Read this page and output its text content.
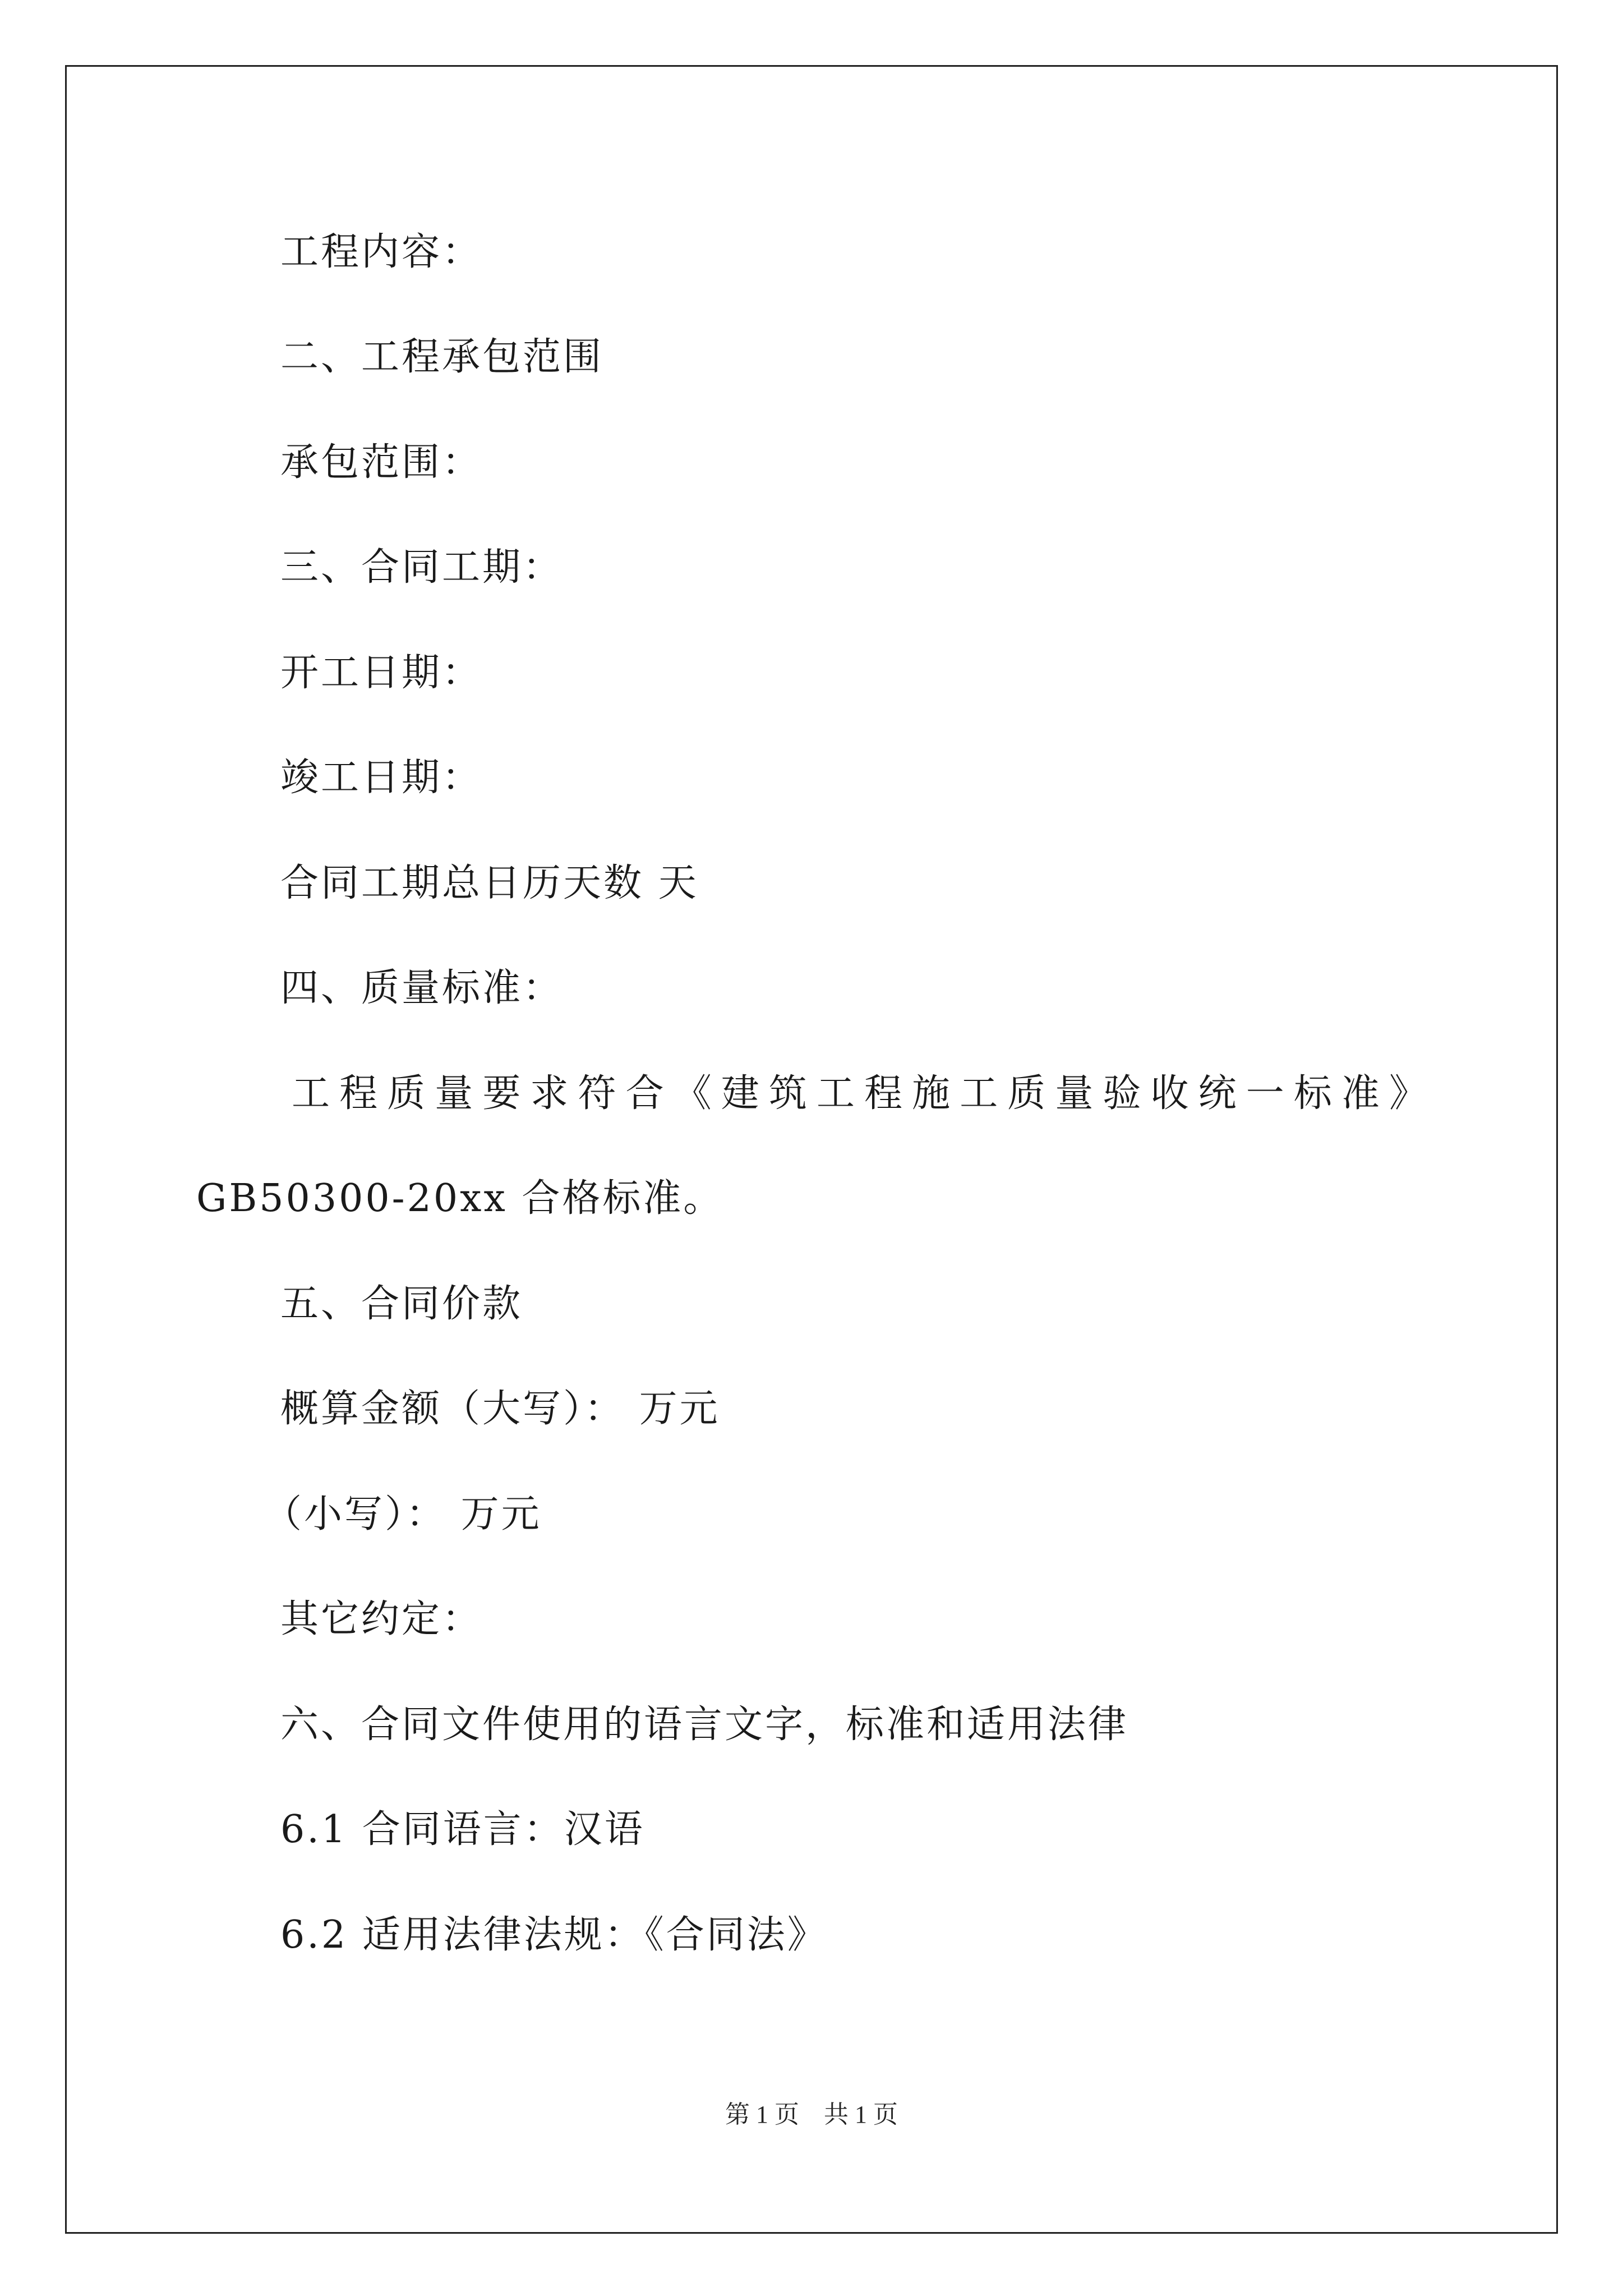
工程内容：
二、工程承包范围
承包范围：
三、合同工期：
开工日期：
竣工日期：
合同工期总日历天数 天
四、质量标准：
工程质量要求符合《建筑工程施工质量验收统一标准》
GB50300-20xx 合格标准。
五、合同价款
概算金额（大写）： 万元
（小写）： 万元
其它约定：
六、合同文件使用的语言文字，标准和适用法律
6.1 合同语言：汉语
6.2 适用法律法规：《合同法》
第 1 页　共 1 页
